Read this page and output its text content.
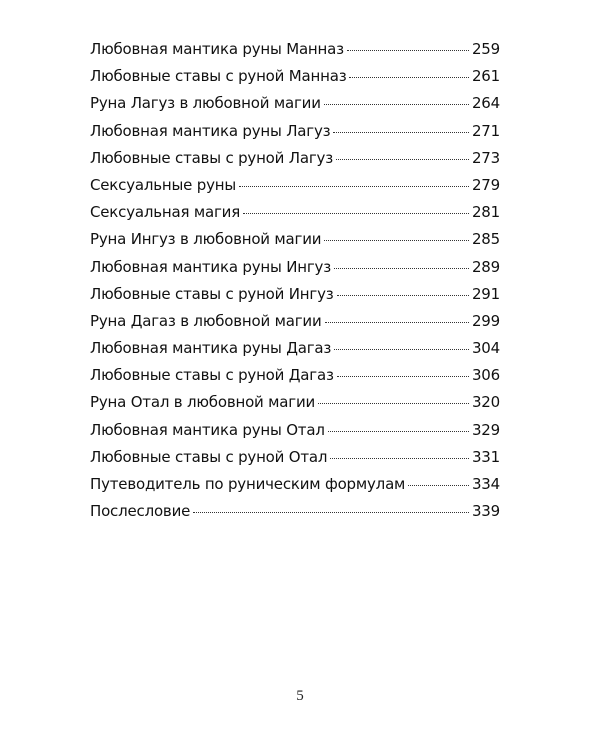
Любовная мантика руны Манназ	259
Любовные ставы с руной Манназ	261
Руна Лагуз в любовной магии	264
Любовная мантика руны Лагуз	271
Любовные ставы с руной Лагуз	273
Сексуальные руны	279
Сексуальная магия	281
Руна Ингуз в любовной магии	285
Любовная мантика руны Ингуз	289
Любовные ставы с руной Ингуз	291
Руна Дагаз в любовной магии	299
Любовная мантика руны Дагаз	304
Любовные ставы с руной Дагаз	306
Руна Отал в любовной магии	320
Любовная мантика руны Отал	329
Любовные ставы с руной Отал	331
Путеводитель по руническим формулам	334
Послесловие	339
5
